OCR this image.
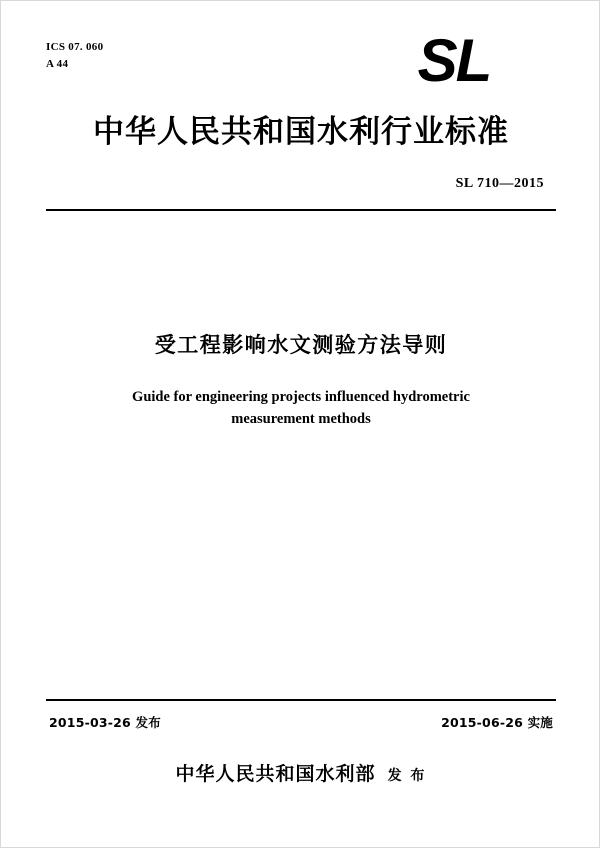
ICS 07. 060
A 44	SL
中华人民共和国水利行业标准
SL 710—2015
受工程影响水文测验方法导则
Guide for engineering projects influenced hydrometric
measurement methods
2015-03-26 发布	2015-06-26 实施
中华人民共和国水利部 发 布
